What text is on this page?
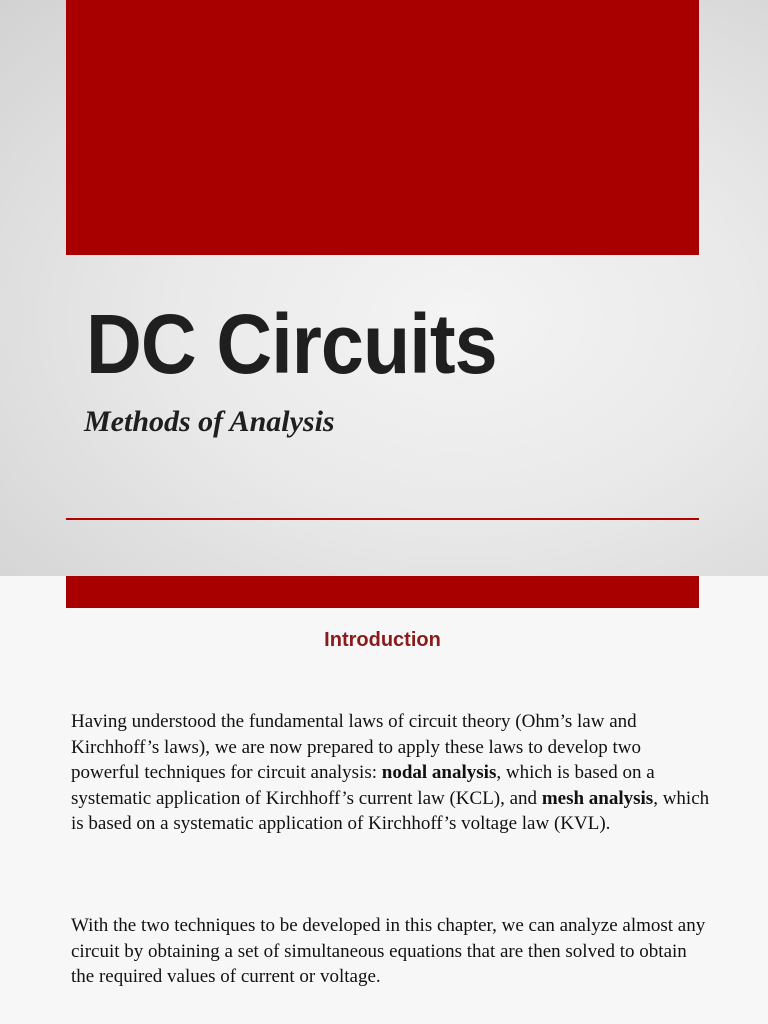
DC Circuits

Methods of Analysis

Introduction

Having understood the fundamental laws of circuit theory (Ohm’s law and Kirchhoff’s laws), we are now prepared to apply these laws to develop two powerful techniques for circuit analysis: nodal analysis, which is based on a systematic application of Kirchhoff’s current law (KCL), and mesh analysis, which is based on a systematic application of Kirchhoff’s voltage law (KVL).

With the two techniques to be developed in this chapter, we can analyze almost any circuit by obtaining a set of simultaneous equations that are then solved to obtain the required values of current or voltage.
